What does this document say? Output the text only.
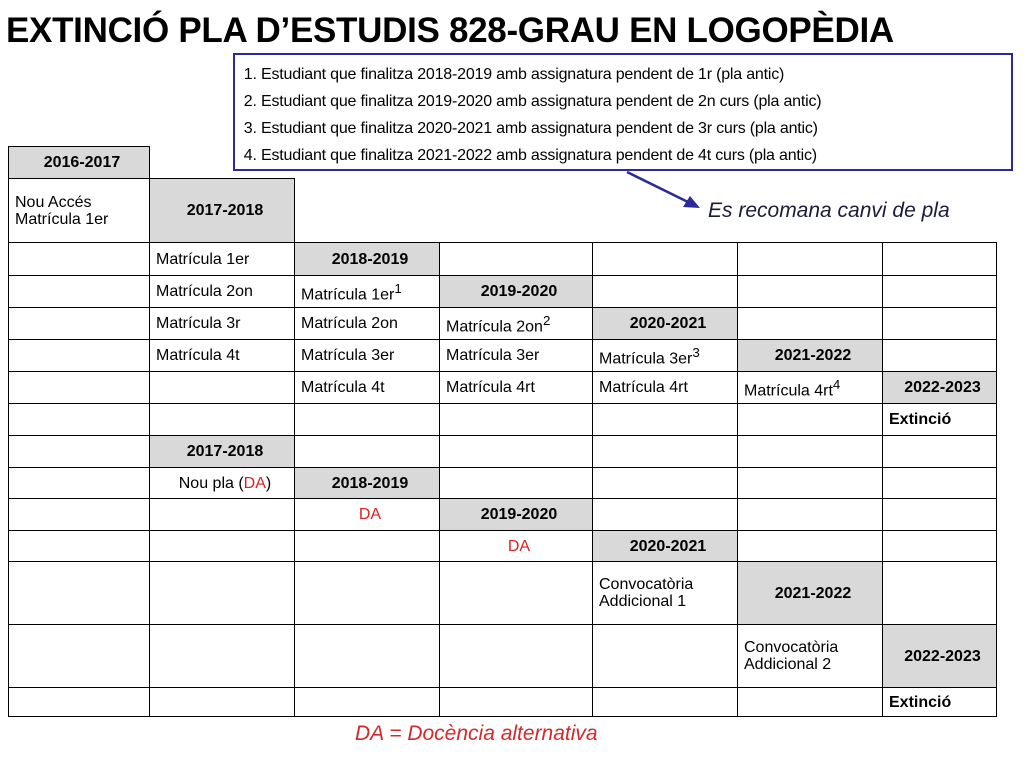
EXTINCIÓ PLA D’ESTUDIS 828-GRAU EN LOGOPÈDIA
1. Estudiant que finalitza 2018-2019 amb assignatura pendent de 1r (pla antic)
2. Estudiant que finalitza 2019-2020 amb assignatura pendent de 2n curs (pla antic)
3. Estudiant que finalitza 2020-2021 amb assignatura pendent de 3r curs (pla antic)
4. Estudiant que finalitza 2021-2022 amb assignatura pendent de 4t curs (pla antic)
Es recomana canvi de pla
2016-2017						

Nou Accés
Matrícula 1er	2017-2018					
	Matrícula 1er	2018-2019				
	Matrícula 2on	Matrícula $1er^1$	2019-2020			
	Matrícula 3r	Matrícula 2on	Matrícula $2on^2$	2020-2021		
	Matrícula 4t	Matrícula 3er	Matrícula 3er	Matrícula $3er^3$	2021-2022	
		Matrícula 4t	Matrícula 4rt	Matrícula 4rt	Matrícula $4rt^4$	2022-2023
						Extinció
	2017-2018					
	Nou pla (DA)	2018-2019				
		DA	2019-2020			
			DA	2020-2021		

				Convocatòria
Addicional 1	2021-2022	

					Convocatòria
Addicional 2	2022-2023
						Extinció
DA = Docència alternativa
